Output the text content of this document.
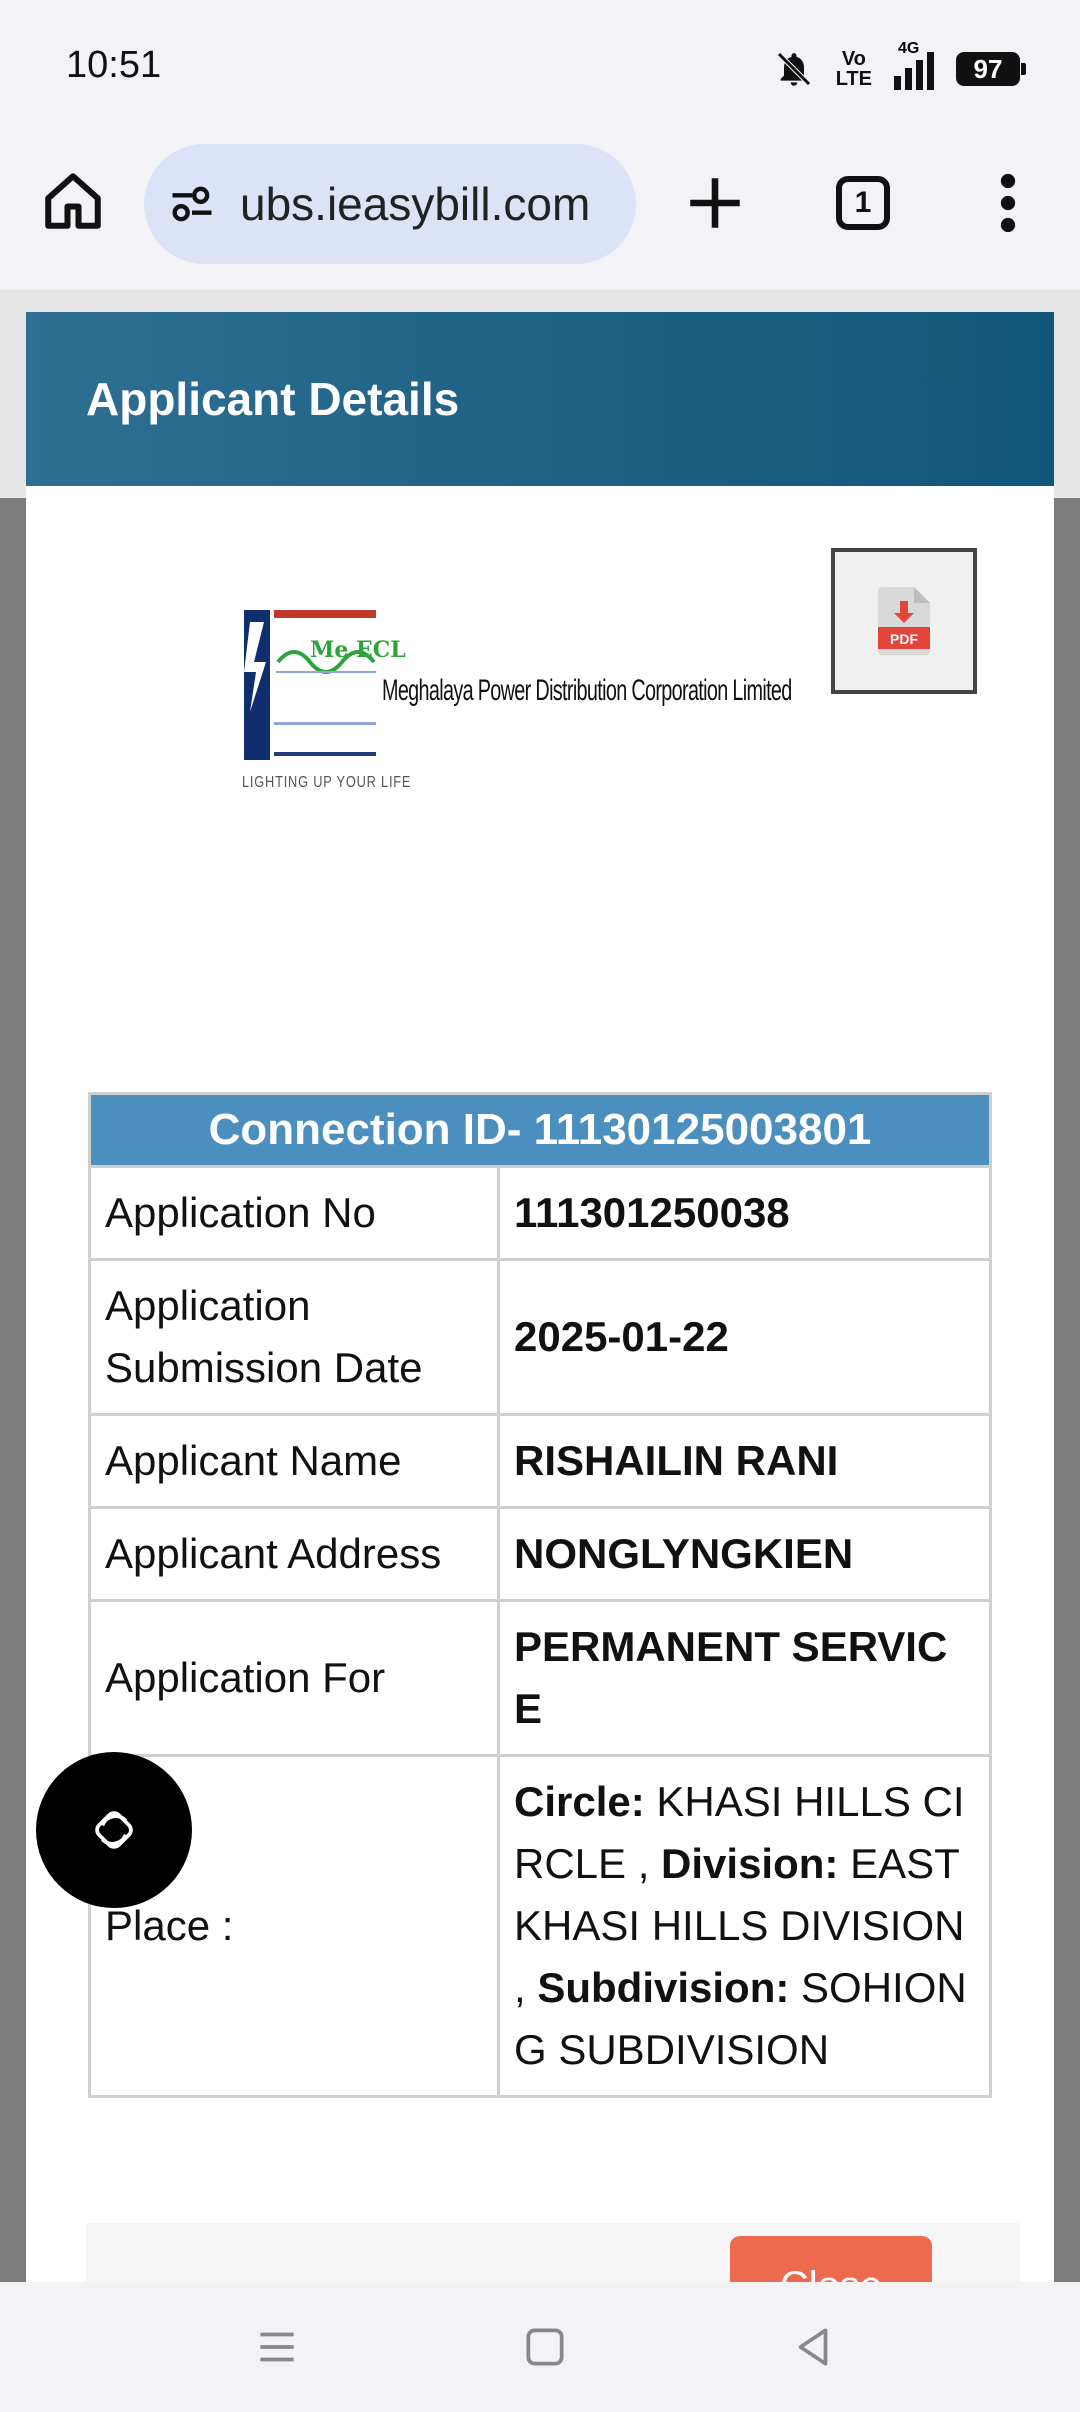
10:51	Vo
LTE
4G
97
ubs.ieasybill.com	1
Applicant Details
Me ECL
Meghalaya Power Distribution Corporation Limited
LIGHTING UP YOUR LIFE
PDF
Connection ID- 11130125003801	
Application No	111301250038
Application Submission Date	2025-01-22
Applicant Name	RISHAILIN RANI
Applicant Address	NONGLYNGKIEN
Application For	PERMANENT SERVICE
Place :	Circle: KHASI HILLS CIRCLE , Division: EAST KHASI HILLS DIVISION , Subdivision: SOHIONG SUBDIVISION
